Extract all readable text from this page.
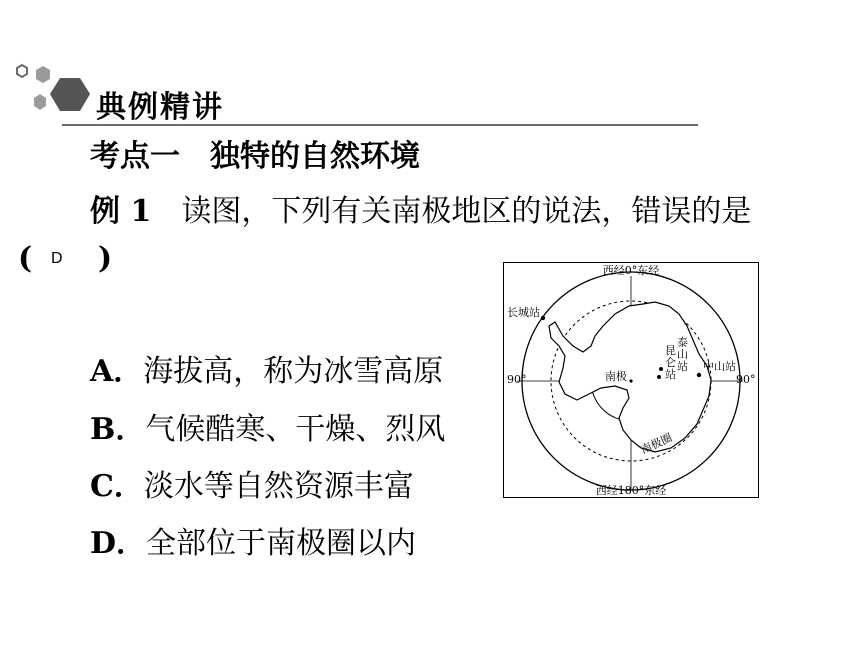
典例精讲
考点一　独特的自然环境
例 1　 读图，下列有关南极地区的说法，错误的是
( D )
A．海拔高，称为冰雪高原
B．气候酷寒、干燥、烈风
C．淡水等自然资源丰富
D．全部位于南极圈以内
西经0°东经
西经180°东经
90°	90°
南极
南极圈
长城站
泰
山
站
昆
仑
站
中山站
